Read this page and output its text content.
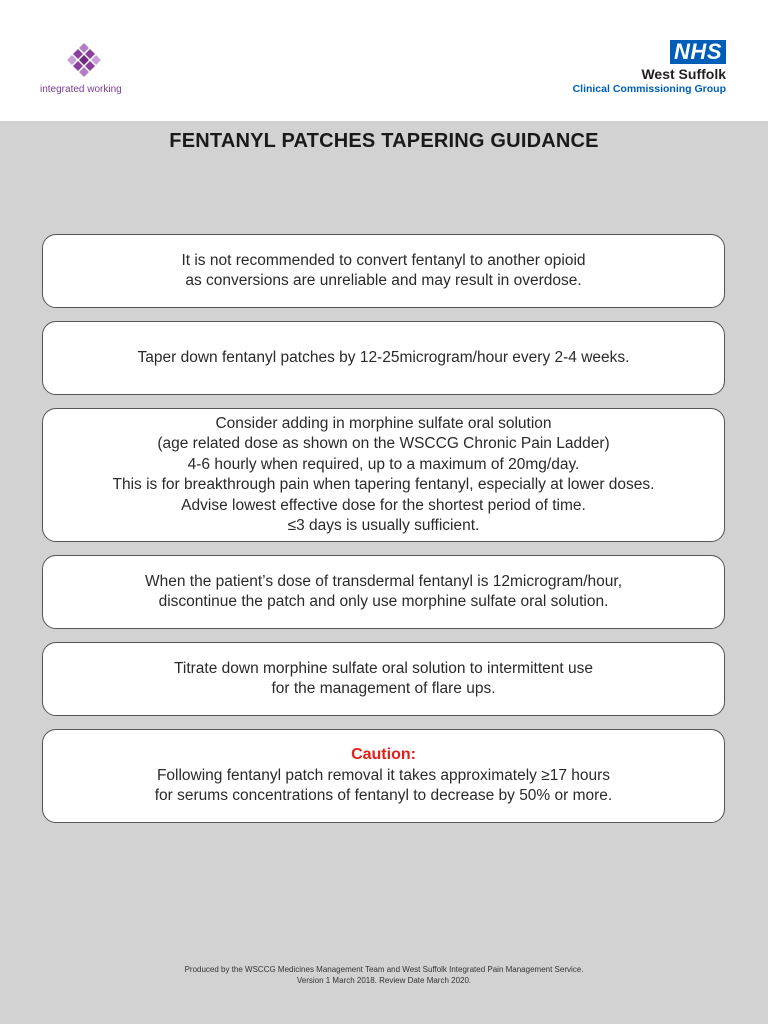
integrated working
NHS
West Suffolk
Clinical Commissioning Group
FENTANYL PATCHES TAPERING GUIDANCE
It is not recommended to convert fentanyl to another opioid
as conversions are unreliable and may result in overdose.
Taper down fentanyl patches by 12-25microgram/hour every 2-4 weeks.
Consider adding in morphine sulfate oral solution
(age related dose as shown on the WSCCG Chronic Pain Ladder)
4-6 hourly when required, up to a maximum of 20mg/day.
This is for breakthrough pain when tapering fentanyl, especially at lower doses.
Advise lowest effective dose for the shortest period of time.
≤3 days is usually sufficient.
When the patient’s dose of transdermal fentanyl is 12microgram/hour,
discontinue the patch and only use morphine sulfate oral solution.
Titrate down morphine sulfate oral solution to intermittent use
for the management of flare ups.
Caution:
Following fentanyl patch removal it takes approximately ≥17 hours
for serums concentrations of fentanyl to decrease by 50% or more.
Produced by the WSCCG Medicines Management Team and West Suffolk Integrated Pain Management Service.
Version 1 March 2018. Review Date March 2020.
